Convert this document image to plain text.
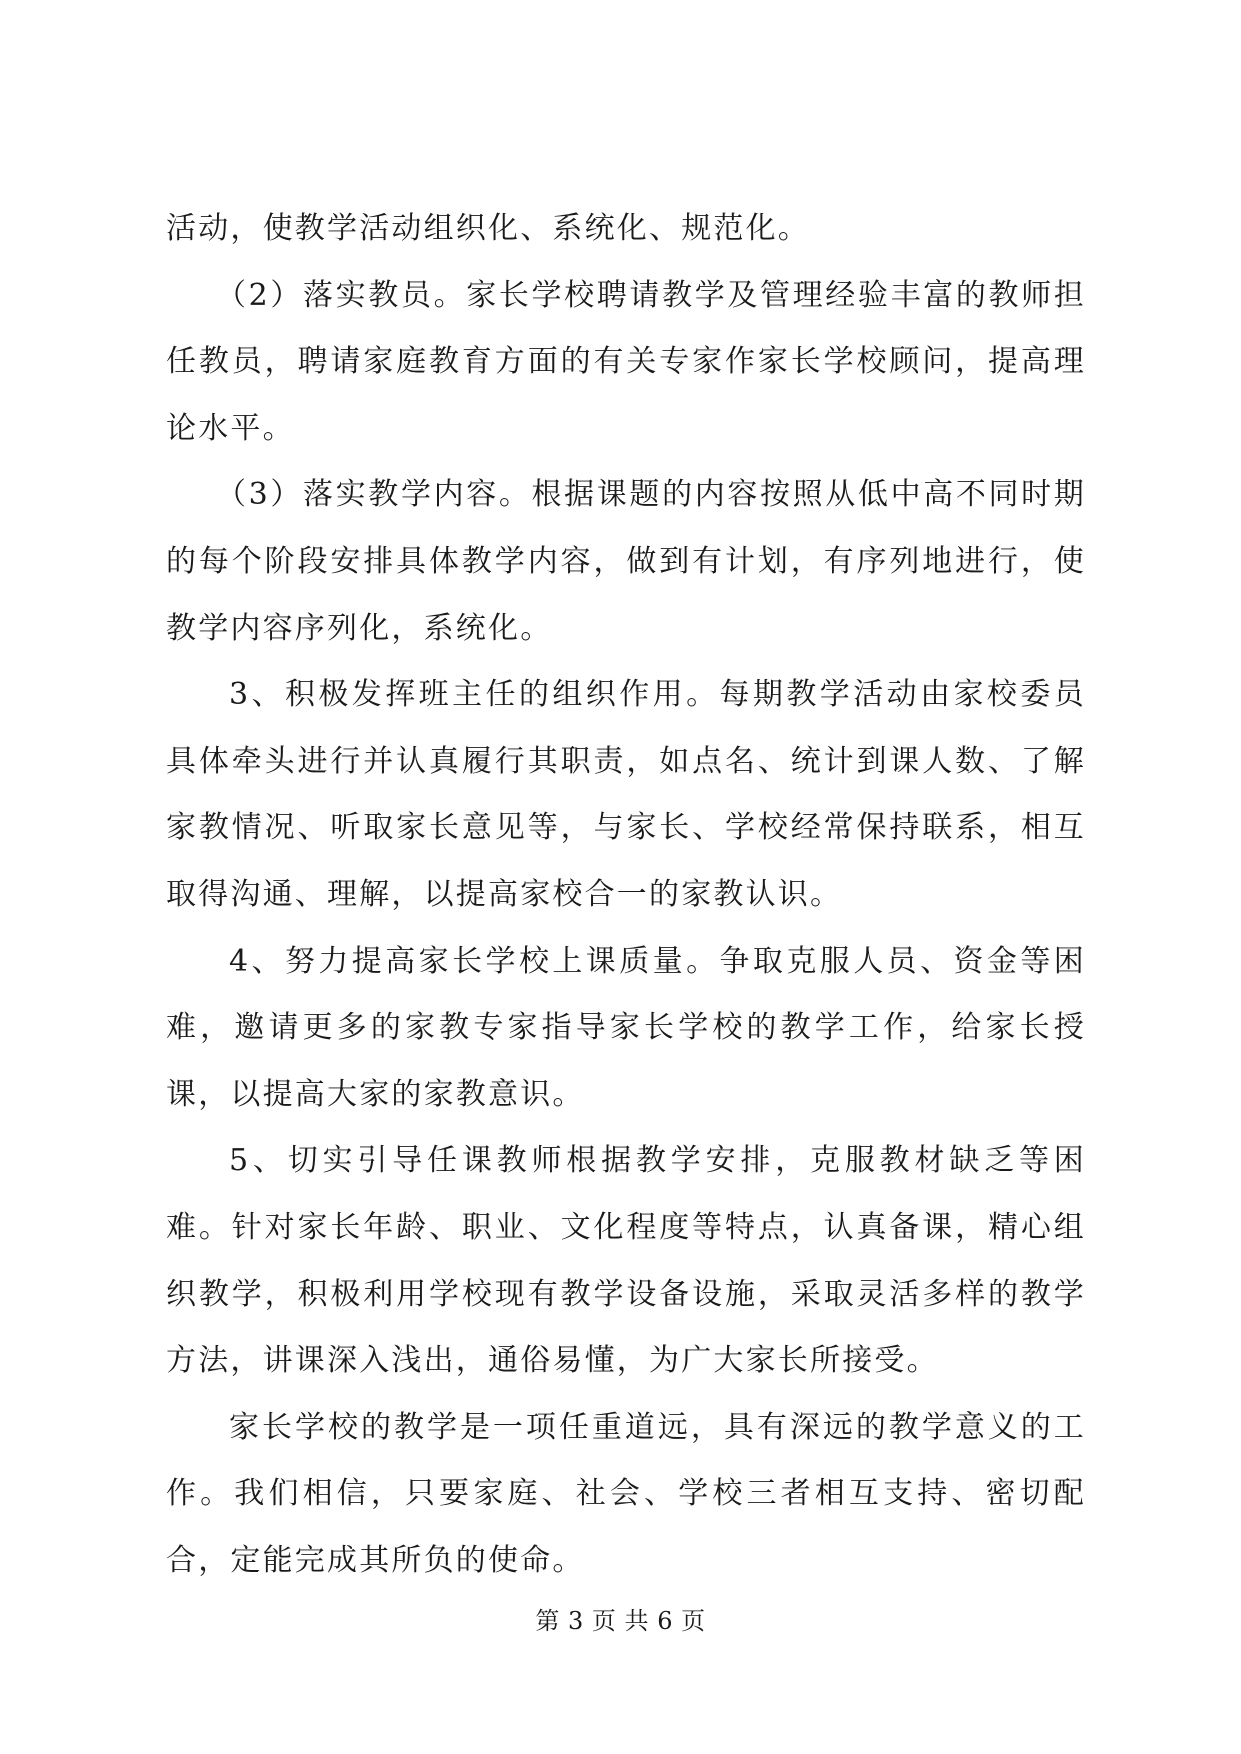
活动，使教学活动组织化、系统化、规范化。

（2）落实教员。家长学校聘请教学及管理经验丰富的教师担任教员，聘请家庭教育方面的有关专家作家长学校顾问，提高理论水平。

（3）落实教学内容。根据课题的内容按照从低中高不同时期的每个阶段安排具体教学内容，做到有计划，有序列地进行，使教学内容序列化，系统化。

3、积极发挥班主任的组织作用。每期教学活动由家校委员具体牵头进行并认真履行其职责，如点名、统计到课人数、了解家教情况、听取家长意见等，与家长、学校经常保持联系，相互取得沟通、理解，以提高家校合一的家教认识。

4、努力提高家长学校上课质量。争取克服人员、资金等困难，邀请更多的家教专家指导家长学校的教学工作，给家长授课，以提高大家的家教意识。

5、切实引导任课教师根据教学安排，克服教材缺乏等困难。针对家长年龄、职业、文化程度等特点，认真备课，精心组织教学，积极利用学校现有教学设备设施，采取灵活多样的教学方法，讲课深入浅出，通俗易懂，为广大家长所接受。

家长学校的教学是一项任重道远，具有深远的教学意义的工作。我们相信，只要家庭、社会、学校三者相互支持、密切配合，定能完成其所负的使命。

第 3 页 共 6 页
